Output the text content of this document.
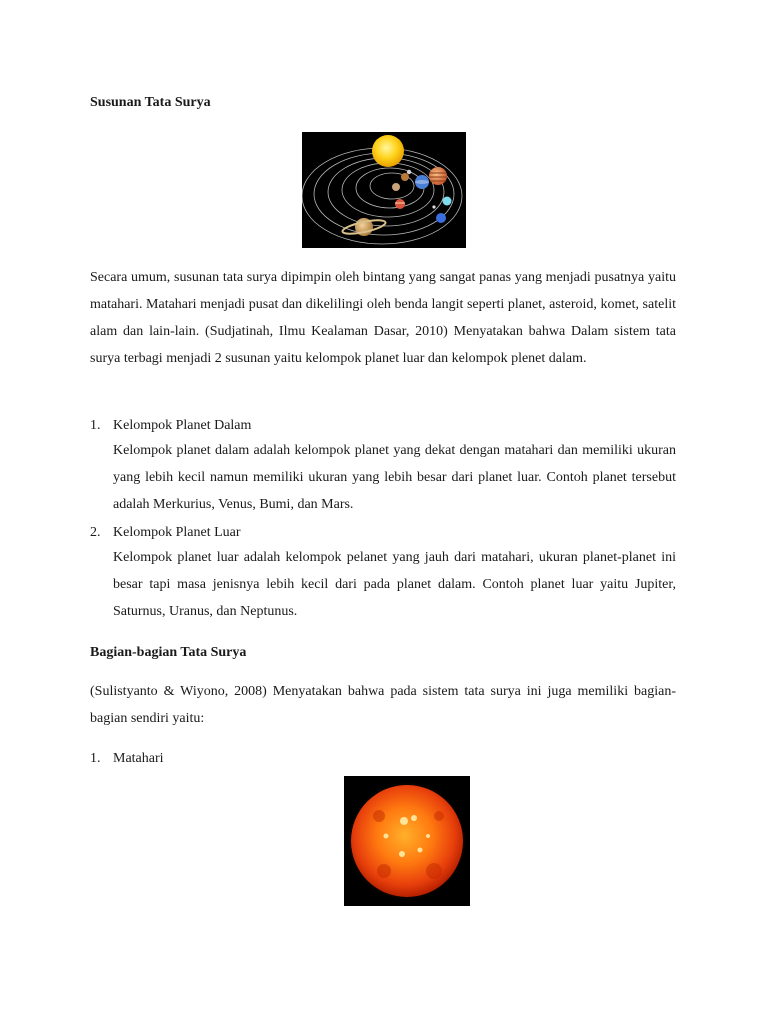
Susunan Tata Surya

Secara umum, susunan tata surya dipimpin oleh bintang yang sangat panas yang menjadi pusatnya yaitu matahari. Matahari menjadi pusat dan dikelilingi oleh benda langit seperti planet, asteroid, komet, satelit alam dan lain-lain. (Sudjatinah, Ilmu Kealaman Dasar, 2010) Menyatakan bahwa Dalam sistem tata surya terbagi menjadi 2 susunan yaitu kelompok planet luar dan kelompok plenet dalam.

1. Kelompok Planet Dalam

Kelompok planet dalam adalah kelompok planet yang dekat dengan matahari dan memiliki ukuran yang lebih kecil namun memiliki ukuran yang lebih besar dari planet luar. Contoh planet tersebut adalah Merkurius, Venus, Bumi, dan Mars.

2. Kelompok Planet Luar

Kelompok planet luar adalah kelompok pelanet yang jauh dari matahari, ukuran planet-planet ini besar tapi masa jenisnya lebih kecil dari pada planet dalam. Contoh planet luar yaitu Jupiter, Saturnus, Uranus, dan Neptunus.

Bagian-bagian Tata Surya

(Sulistyanto & Wiyono, 2008) Menyatakan bahwa pada sistem tata surya ini juga memiliki bagian-bagian sendiri yaitu:

1. Matahari
